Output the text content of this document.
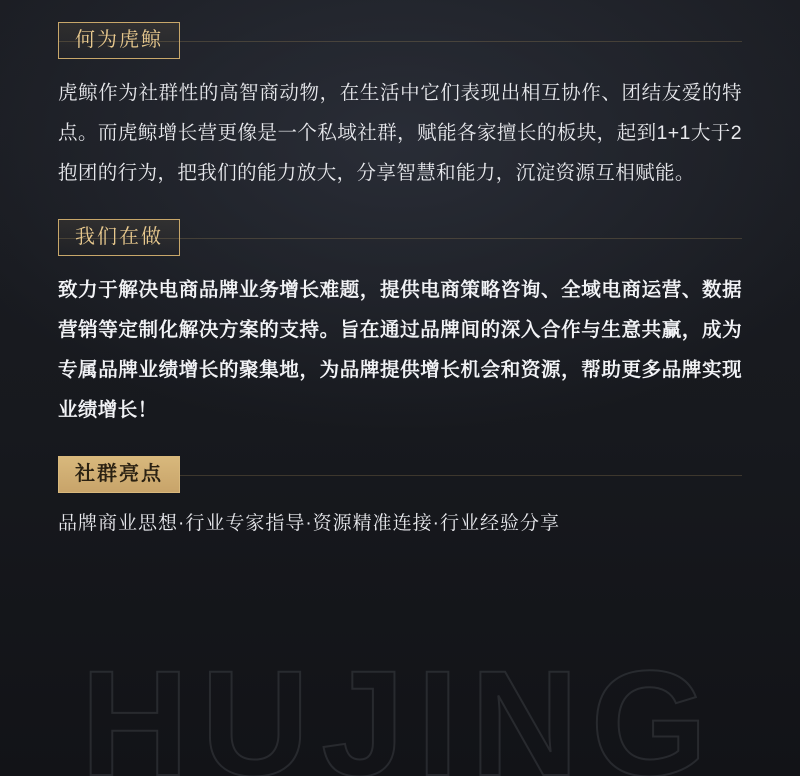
何为虎鲸

虎鲸作为社群性的高智商动物，在生活中它们表现出相互协作、团结友爱的特点。而虎鲸增长营更像是一个私域社群，赋能各家擅长的板块，起到1+1大于2抱团的行为，把我们的能力放大，分享智慧和能力，沉淀资源互相赋能。

我们在做

致力于解决电商品牌业务增长难题，提供电商策略咨询、全域电商运营、数据营销等定制化解决方案的支持。旨在通过品牌间的深入合作与生意共赢，成为专属品牌业绩增长的聚集地，为品牌提供增长机会和资源，帮助更多品牌实现业绩增长！

社群亮点

品牌商业思想·行业专家指导·资源精准连接·行业经验分享

HUJING
